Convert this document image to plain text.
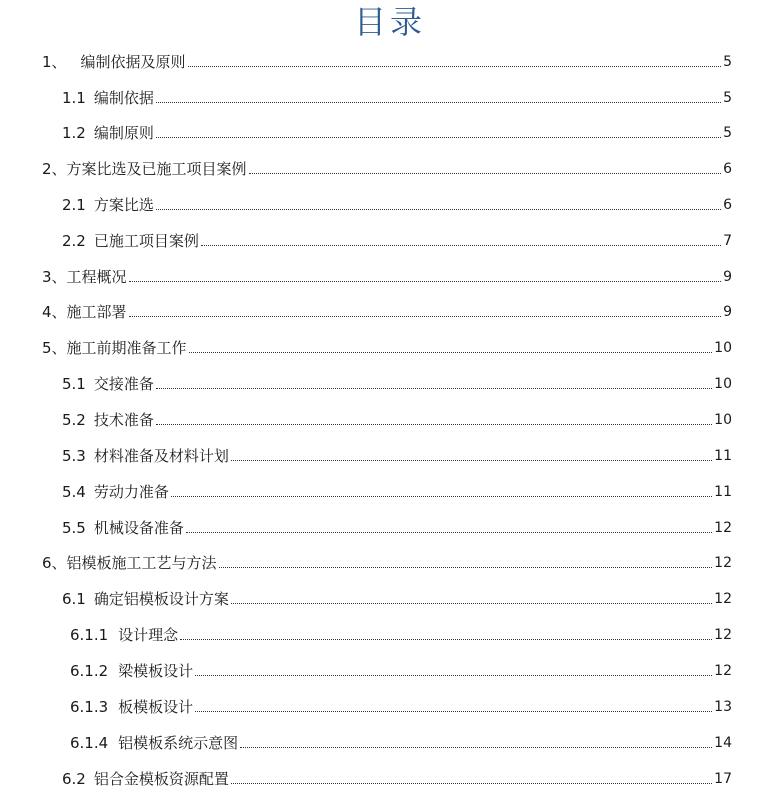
目录
1、 编制依据及原则	5
1.1 编制依据	5
1.2 编制原则	5
2、 方案比选及已施工项目案例	6
2.1 方案比选	6
2.2 已施工项目案例	7
3、 工程概况	9
4、 施工部署	9
5、 施工前期准备工作	10
5.1 交接准备	10
5.2 技术准备	10
5.3 材料准备及材料计划	11
5.4 劳动力准备	11
5.5 机械设备准备	12
6、 铝模板施工工艺与方法	12
6.1 确定铝模板设计方案	12
6.1.1 设计理念	12
6.1.2 梁模板设计	12
6.1.3 板模板设计	13
6.1.4 铝模板系统示意图	14
6.2 铝合金模板资源配置	17
